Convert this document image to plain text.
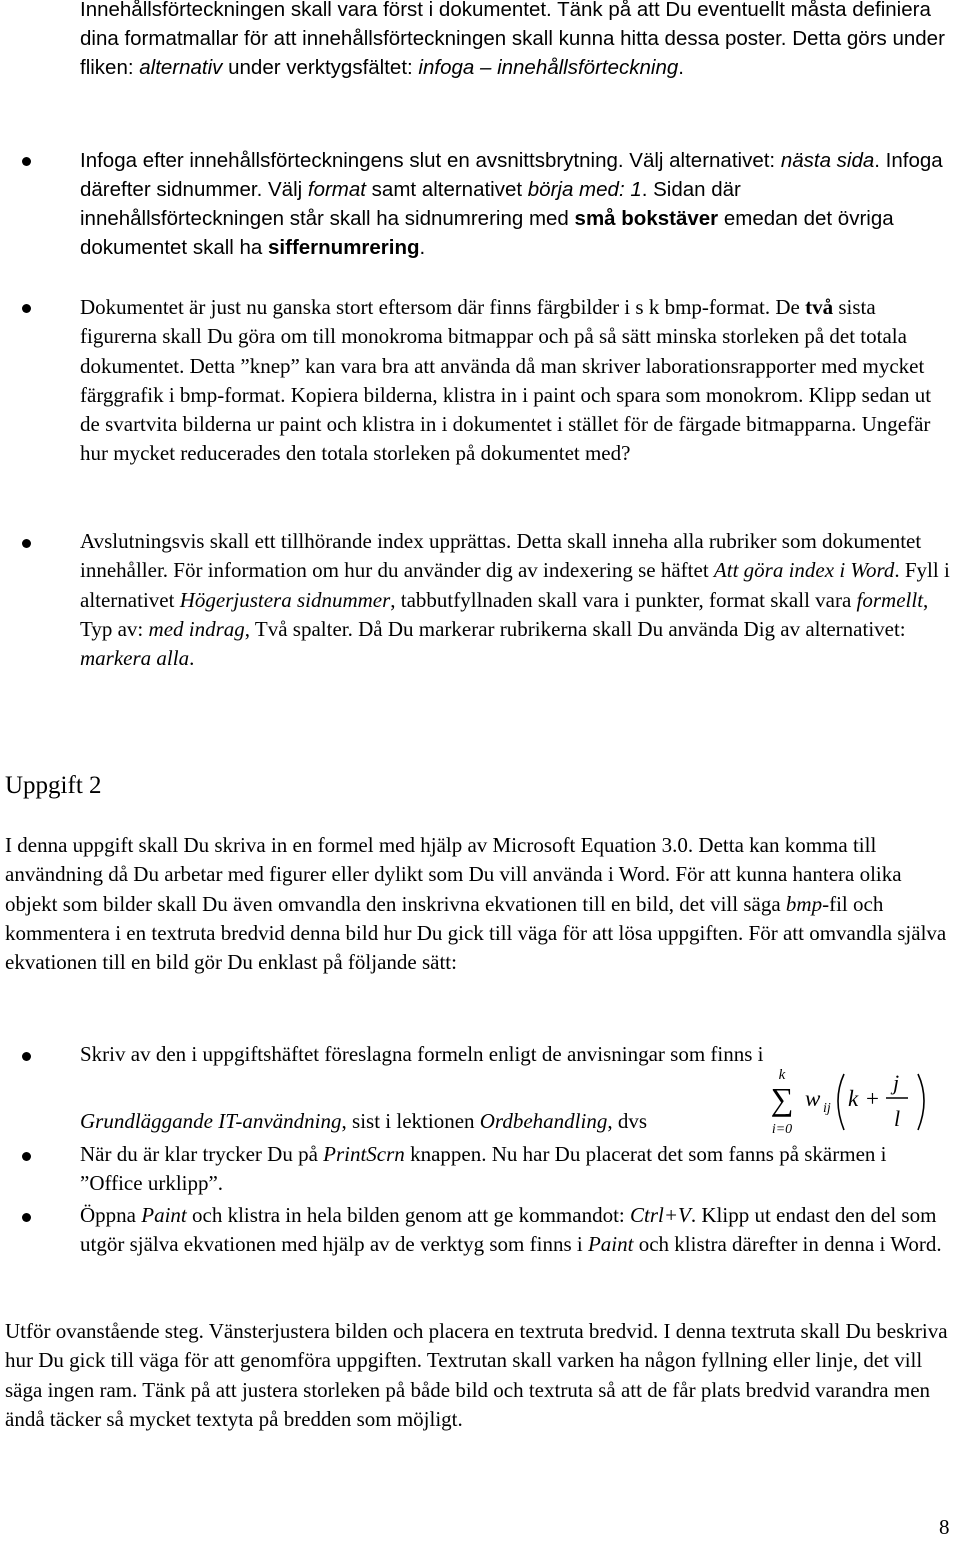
Innehållsförteckningen skall vara först i dokumentet. Tänk på att Du eventuellt måsta definiera dina formatmallar för att innehållsförteckningen skall kunna hitta dessa poster. Detta görs under fliken: alternativ under verktygsfältet: infoga – innehållsförteckning.

Infoga efter innehållsförteckningens slut en avsnittsbrytning. Välj alternativet: nästa sida. Infoga därefter sidnummer. Välj format samt alternativet börja med: 1. Sidan där innehållsförteckningen står skall ha sidnumrering med små bokstäver emedan det övriga dokumentet skall ha siffernumrering.

Dokumentet är just nu ganska stort eftersom där finns färgbilder i s k bmp-format. De två sista figurerna skall Du göra om till monokroma bitmappar och på så sätt minska storleken på det totala dokumentet. Detta ”knep” kan vara bra att använda då man skriver laborationsrapporter med mycket färggrafik i bmp-format. Kopiera bilderna, klistra in i paint och spara som monokrom. Klipp sedan ut de svartvita bilderna ur paint och klistra in i dokumentet i stället för de färgade bitmapparna. Ungefär hur mycket reducerades den totala storleken på dokumentet med?

Avslutningsvis skall ett tillhörande index upprättas. Detta skall inneha alla rubriker som dokumentet innehåller. För information om hur du använder dig av indexering se häftet Att göra index i Word. Fyll i alternativet Högerjustera sidnummer, tabbutfyllnaden skall vara i punkter, format skall vara formellt, Typ av: med indrag, Två spalter. Då Du markerar rubrikerna skall Du använda Dig av alternativet: markera alla.

Uppgift 2

I denna uppgift skall Du skriva in en formel med hjälp av Microsoft Equation 3.0. Detta kan komma till användning då Du arbetar med figurer eller dylikt som Du vill använda i Word. För att kunna hantera olika objekt som bilder skall Du även omvandla den inskrivna ekvationen till en bild, det vill säga bmp-fil och kommentera i en textruta bredvid denna bild hur Du gick till väga för att lösa uppgiften. För att omvandla själva ekvationen till en bild gör Du enklast på följande sätt:

Skriv av den i uppgiftshäftet föreslagna formeln enligt de anvisningar som finns i

Grundläggande IT-användning, sist i lektionen Ordbehandling, dvs

k
∑
i=0
w ij k +
j
l

När du är klar trycker Du på PrintScrn knappen. Nu har Du placerat det som fanns på skärmen i ”Office urklipp”.

Öppna Paint och klistra in hela bilden genom att ge kommandot: Ctrl+V. Klipp ut endast den del som utgör själva ekvationen med hjälp av de verktyg som finns i Paint och klistra därefter in denna i Word.

Utför ovanstående steg. Vänsterjustera bilden och placera en textruta bredvid. I denna textruta skall Du beskriva hur Du gick till väga för att genomföra uppgiften. Textrutan skall varken ha någon fyllning eller linje, det vill säga ingen ram. Tänk på att justera storleken på både bild och textruta så att de får plats bredvid varandra men ändå täcker så mycket textyta på bredden som möjligt.

8
